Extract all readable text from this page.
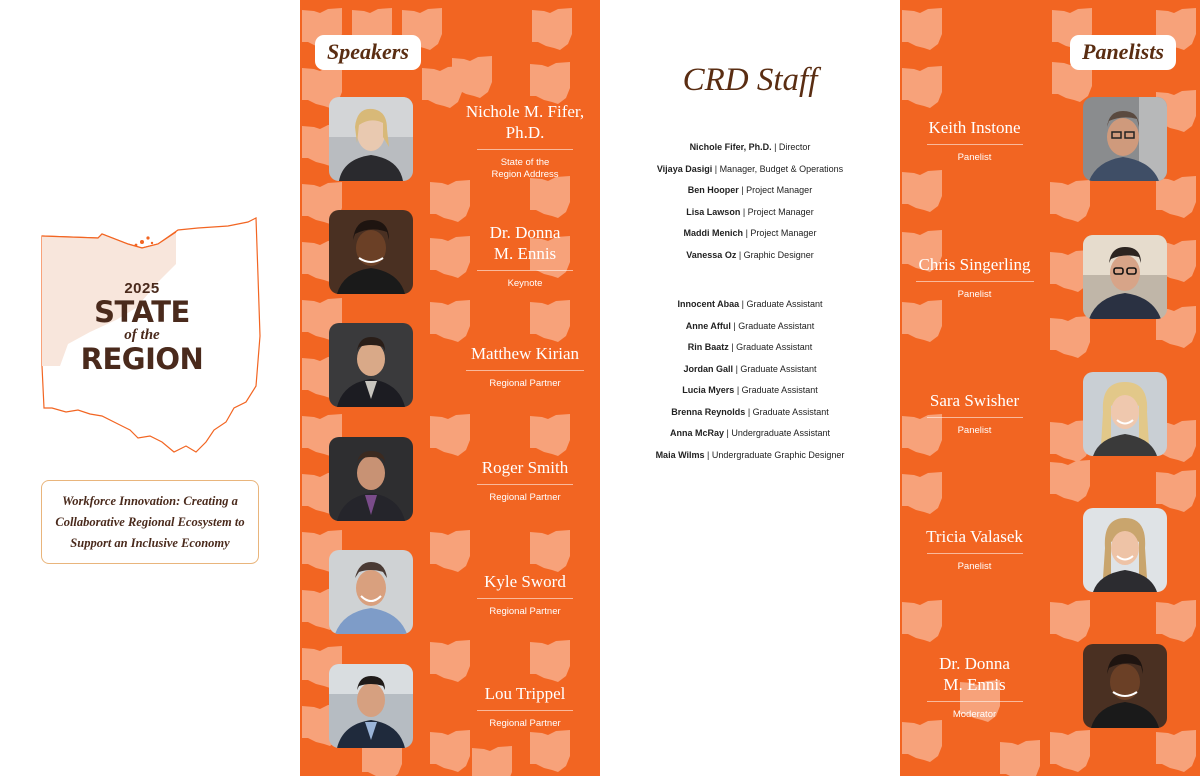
2025
STATE
of the
REGION
Workforce Innovation: Creating a Collaborative Regional Ecosystem to Support an Inclusive Economy
Speakers
Nichole M. Fifer, Ph.D.
State of the Region Address
Dr. Donna M. Ennis
Keynote
Matthew Kirian
Regional Partner
Roger Smith
Regional Partner
Kyle Sword
Regional Partner
Lou Trippel
Regional Partner
CRD Staff
Nichole Fifer, Ph.D. | Director
Vijaya Dasigi | Manager, Budget & Operations
Ben Hooper | Project Manager
Lisa Lawson | Project Manager
Maddi Menich | Project Manager
Vanessa Oz | Graphic Designer
Innocent Abaa | Graduate Assistant
Anne Afful | Graduate Assistant
Rin Baatz | Graduate Assistant
Jordan Gall | Graduate Assistant
Lucia Myers | Graduate Assistant
Brenna Reynolds | Graduate Assistant
Anna McRay | Undergraduate Assistant
Maia Wilms | Undergraduate Graphic Designer
Panelists
Keith Instone
Panelist
Chris Singerling
Panelist
Sara Swisher
Panelist
Tricia Valasek
Panelist
Dr. Donna M. Ennis
Moderator
